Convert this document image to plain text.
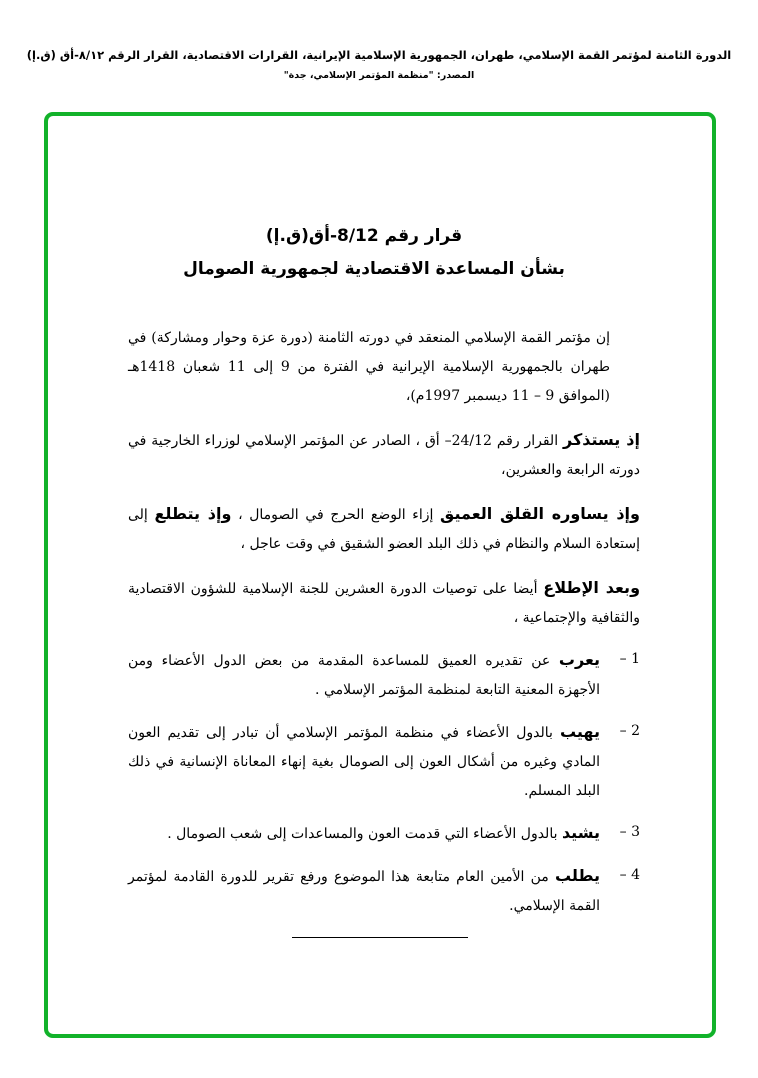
الدورة الثامنة لمؤتمر القمة الإسلامي، طهران، الجمهورية الإسلامية الإيرانية، القرارات الاقتصادية، القرار الرقم ٨/١٢-أق (ق.إ)
المصدر: "منظمة المؤتمر الإسلامي، جدة"
قرار رقم 8/12-أق(ق.إ)
بشأن المساعدة الاقتصادية لجمهورية الصومال

إن مؤتمر القمة الإسلامي المنعقد في دورته الثامنة (دورة عزة وحوار ومشاركة) في طهران بالجمهورية الإسلامية الإيرانية في الفترة من 9 إلى 11 شعبان 1418هـ (الموافق 9 – 11 ديسمبر 1997م)،

إذ يستذكر القرار رقم 24/12– أق ، الصادر عن المؤتمر الإسلامي لوزراء الخارجية في دورته الرابعة والعشرين،

وإذ يساوره القلق العميق إزاء الوضع الحرج في الصومال ، وإذ يتطلع إلى إستعادة السلام والنظام في ذلك البلد العضو الشقيق في وقت عاجل ،

وبعد الإطلاع أيضا على توصيات الدورة العشرين للجنة الإسلامية للشؤون الاقتصادية والثقافية والإجتماعية ،

1 –
يعرب عن تقديره العميق للمساعدة المقدمة من بعض الدول الأعضاء ومن الأجهزة المعنية التابعة لمنظمة المؤتمر الإسلامي .
2 –
يهيب بالدول الأعضاء في منظمة المؤتمر الإسلامي أن تبادر إلى تقديم العون المادي وغيره من أشكال العون إلى الصومال بغية إنهاء المعاناة الإنسانية في ذلك البلد المسلم.
3 –
يشيد بالدول الأعضاء التي قدمت العون والمساعدات إلى شعب الصومال .
4 –
يطلب من الأمين العام متابعة هذا الموضوع ورفع تقرير للدورة القادمة لمؤتمر القمة الإسلامي.
